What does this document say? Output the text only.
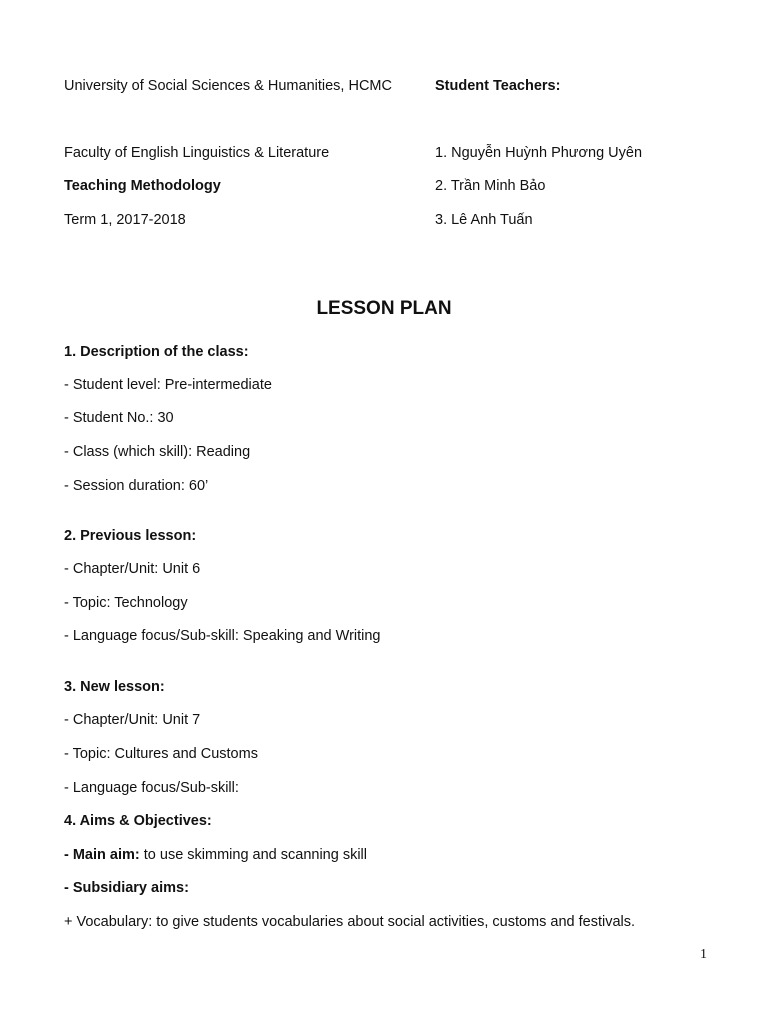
University of Social Sciences & Humanities, HCMC
Faculty of English Linguistics & Literature
Teaching Methodology
Term 1, 2017-2018
Student Teachers:
1. Nguyễn Huỳnh Phương Uyên
2. Trần Minh Bảo
3. Lê Anh Tuấn
LESSON PLAN
1. Description of the class:
- Student level: Pre-intermediate
- Student No.: 30
- Class (which skill): Reading
- Session duration: 60’
2. Previous lesson:
- Chapter/Unit: Unit 6
- Topic: Technology
- Language focus/Sub-skill: Speaking and Writing
3. New lesson:
- Chapter/Unit: Unit 7
- Topic: Cultures and Customs
- Language focus/Sub-skill:
4. Aims & Objectives:
- Main aim: to use skimming and scanning skill
- Subsidiary aims:
+ Vocabulary: to give students vocabularies about social activities, customs and festivals.
1
